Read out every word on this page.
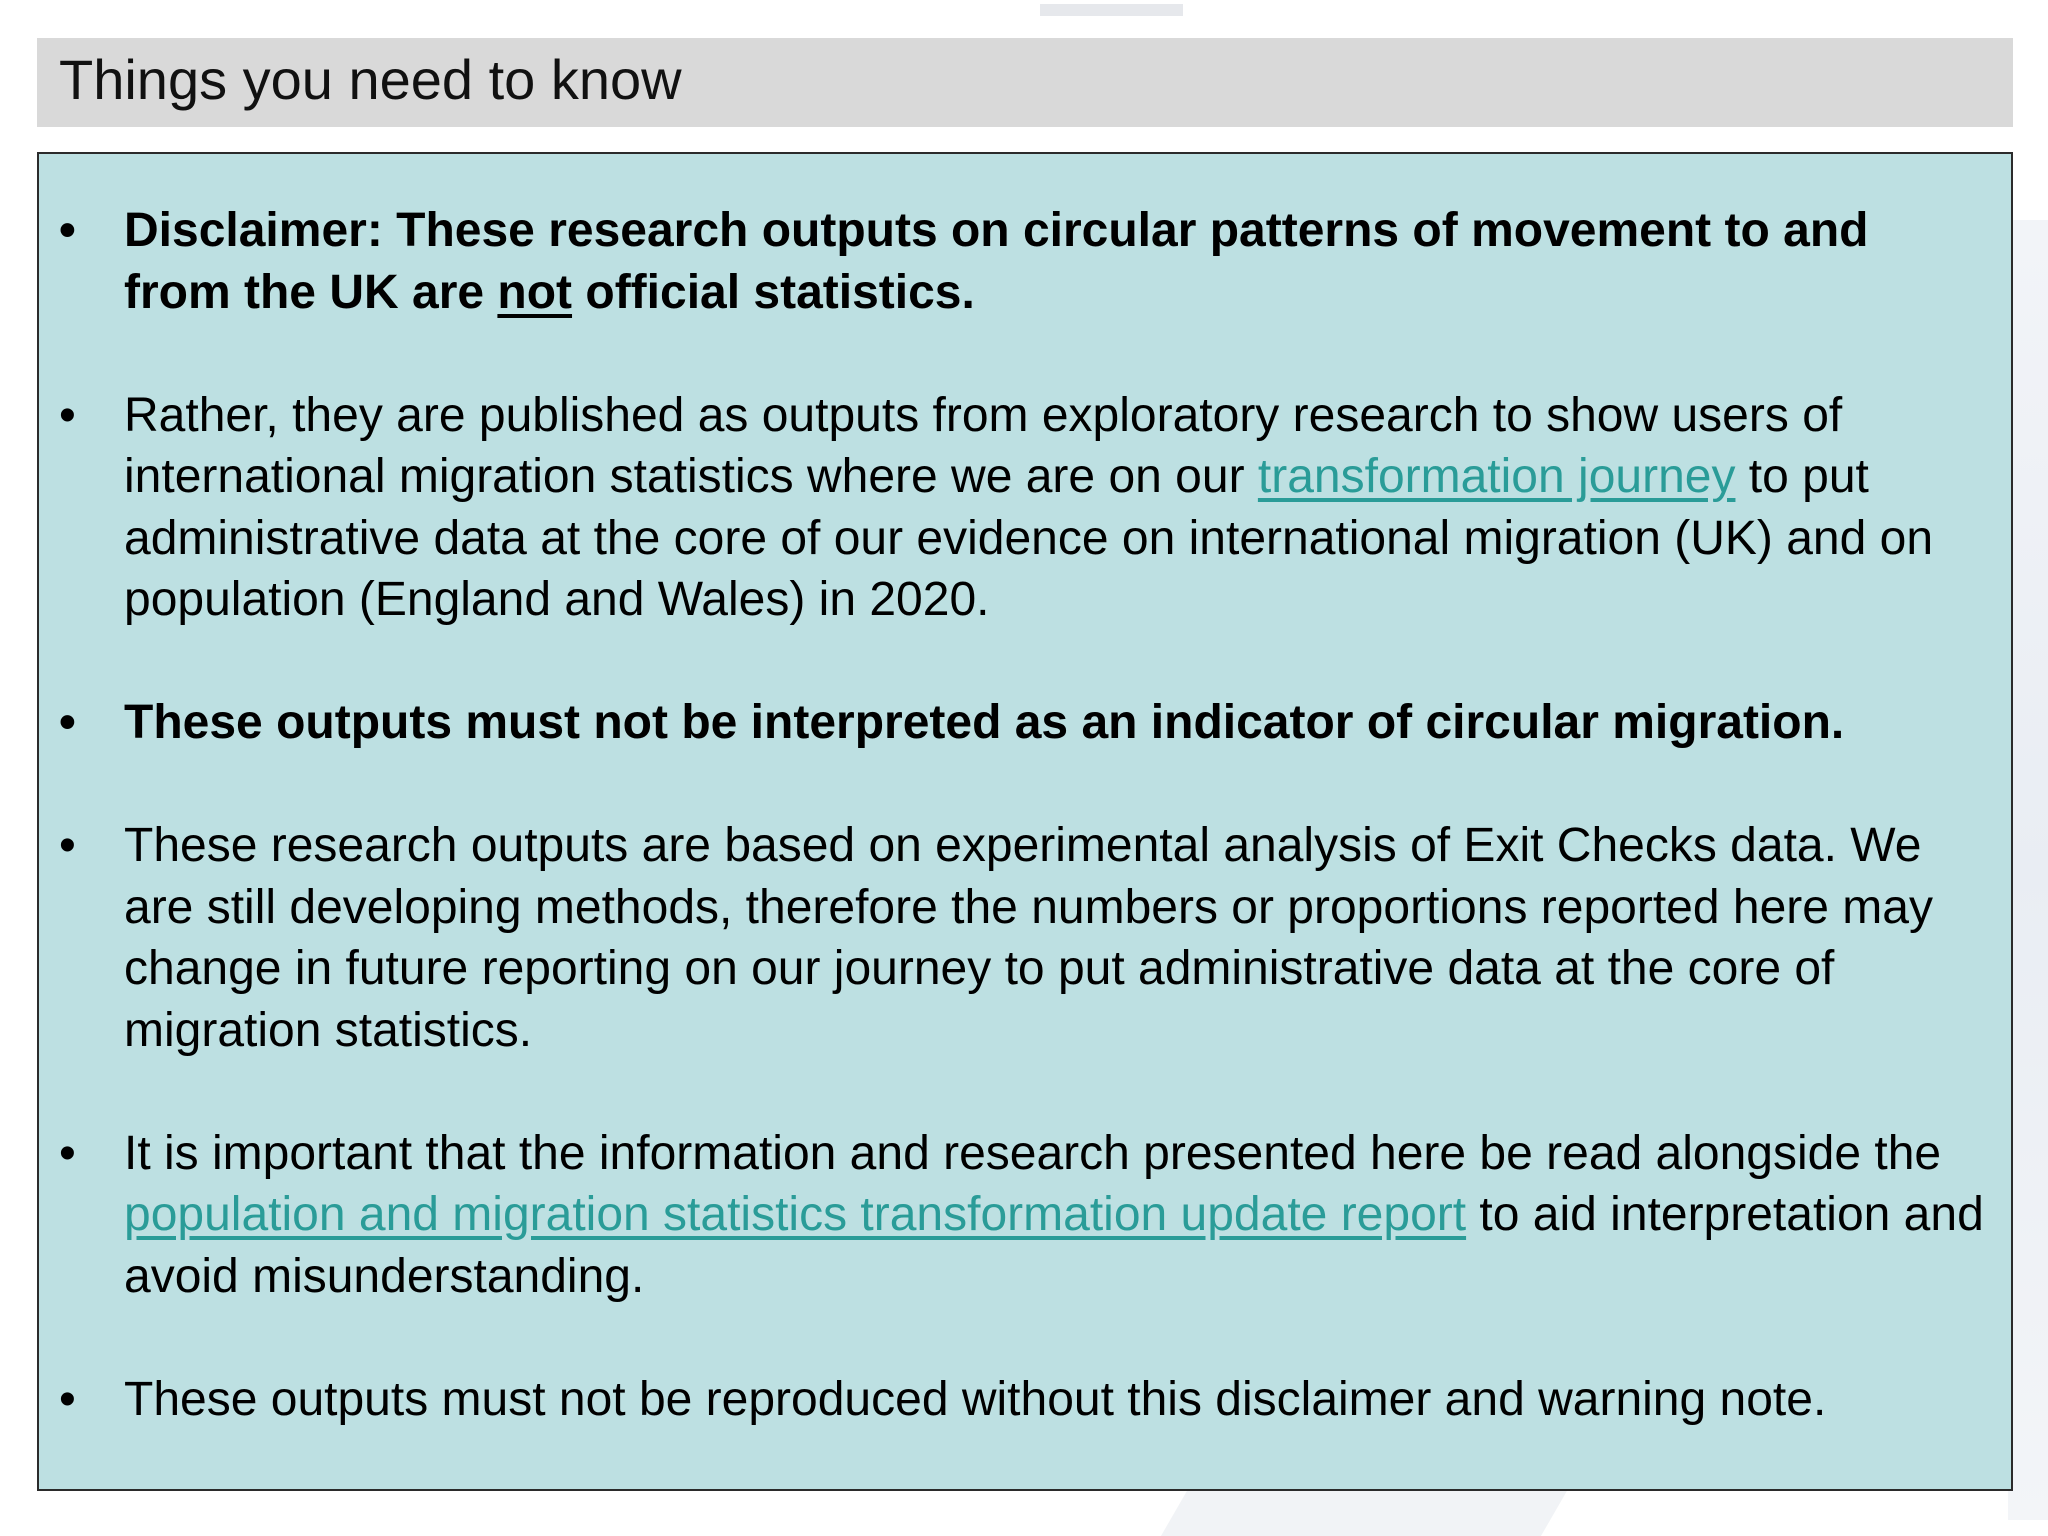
Things you need to know
•	Disclaimer: These research outputs on circular patterns of movement to and from the UK are not official statistics.
•	Rather, they are published as outputs from exploratory research to show users of international migration statistics where we are on our transformation journey to put administrative data at the core of our evidence on international migration (UK) and on population (England and Wales) in 2020.
•	These outputs must not be interpreted as an indicator of circular migration.
•	These research outputs are based on experimental analysis of Exit Checks data. We are still developing methods, therefore the numbers or proportions reported here may change in future reporting on our journey to put administrative data at the core of migration statistics.
•	It is important that the information and research presented here be read alongside the population and migration statistics transformation update report to aid interpretation and avoid misunderstanding.
•	These outputs must not be reproduced without this disclaimer and warning note.
